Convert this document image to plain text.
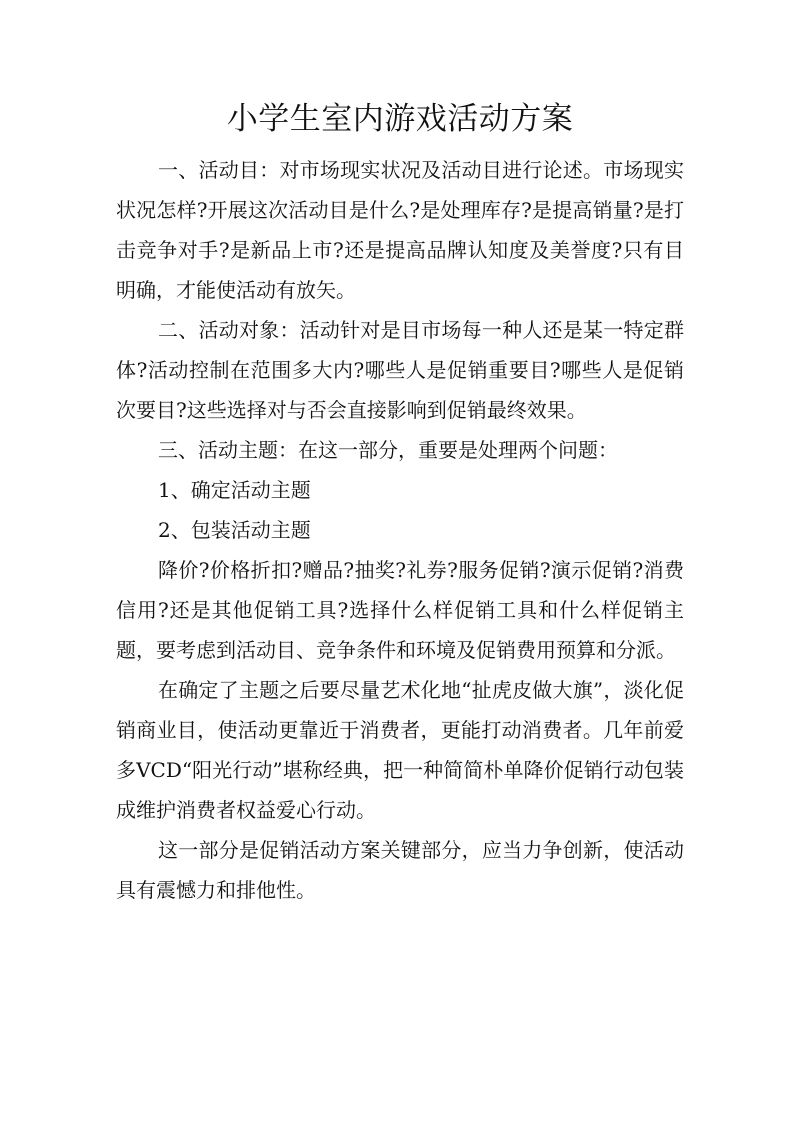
小学生室内游戏活动方案

一、活动目：对市场现实状况及活动目进行论述。市场现实状况怎样?开展这次活动目是什么?是处理库存?是提高销量?是打击竞争对手?是新品上市?还是提高品牌认知度及美誉度?只有目明确，才能使活动有放矢。

二、活动对象：活动针对是目市场每一种人还是某一特定群体?活动控制在范围多大内?哪些人是促销重要目?哪些人是促销次要目?这些选择对与否会直接影响到促销最终效果。

三、活动主题：在这一部分，重要是处理两个问题：

1、确定活动主题

2、包装活动主题

降价?价格折扣?赠品?抽奖?礼券?服务促销?演示促销?消费信用?还是其他促销工具?选择什么样促销工具和什么样促销主题，要考虑到活动目、竞争条件和环境及促销费用预算和分派。

在确定了主题之后要尽量艺术化地“扯虎皮做大旗”，淡化促销商业目，使活动更靠近于消费者，更能打动消费者。几年前爱多VCD“阳光行动”堪称经典，把一种简简朴单降价促销行动包装成维护消费者权益爱心行动。

这一部分是促销活动方案关键部分，应当力争创新，使活动具有震憾力和排他性。
